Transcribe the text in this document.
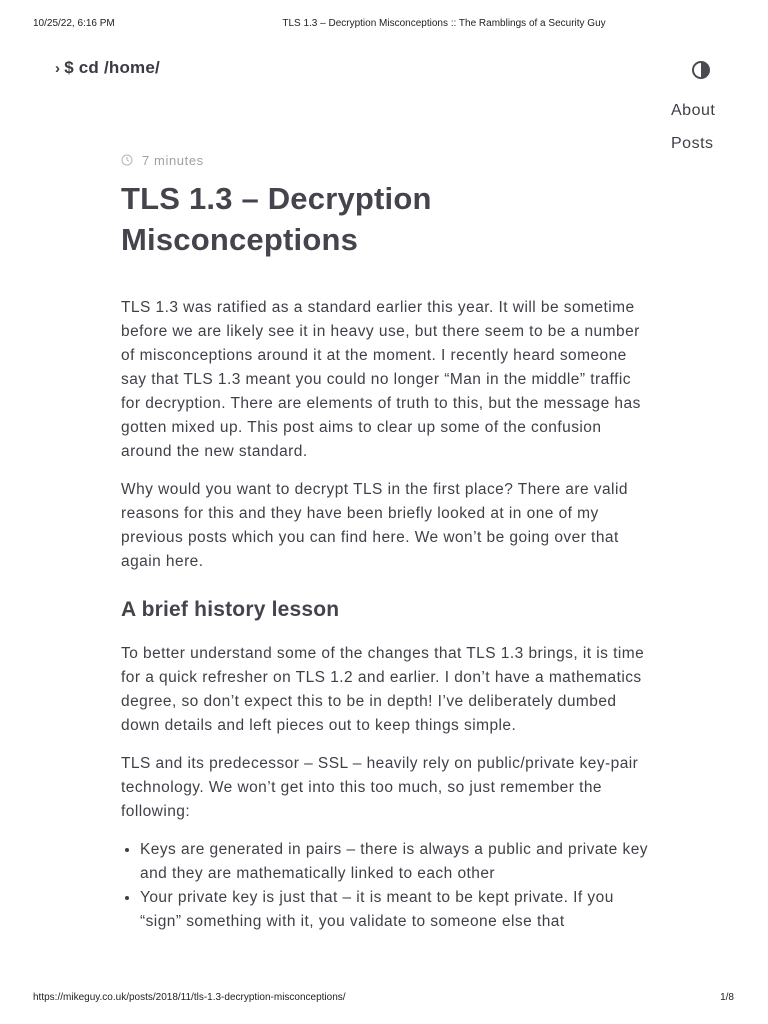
10/25/22, 6:16 PM	TLS 1.3 – Decryption Misconceptions :: The Ramblings of a Security Guy
› $ cd /home/
About
Posts
7 minutes
TLS 1.3 – Decryption Misconceptions

TLS 1.3 was ratified as a standard earlier this year. It will be sometime before we are likely see it in heavy use, but there seem to be a number of misconceptions around it at the moment. I recently heard someone say that TLS 1.3 meant you could no longer “Man in the middle” traffic for decryption. There are elements of truth to this, but the message has gotten mixed up. This post aims to clear up some of the confusion around the new standard.

Why would you want to decrypt TLS in the first place? There are valid reasons for this and they have been briefly looked at in one of my previous posts which you can find here. We won’t be going over that again here.

A brief history lesson

To better understand some of the changes that TLS 1.3 brings, it is time for a quick refresher on TLS 1.2 and earlier. I don’t have a mathematics degree, so don’t expect this to be in depth! I’ve deliberately dumbed down details and left pieces out to keep things simple.

TLS and its predecessor – SSL – heavily rely on public/private key-pair technology. We won’t get into this too much, so just remember the following:

• Keys are generated in pairs – there is always a public and private key and they are mathematically linked to each other
• Your private key is just that – it is meant to be kept private. If you “sign” something with it, you validate to someone else that
https://mikeguy.co.uk/posts/2018/11/tls-1.3-decryption-misconceptions/	1/8
